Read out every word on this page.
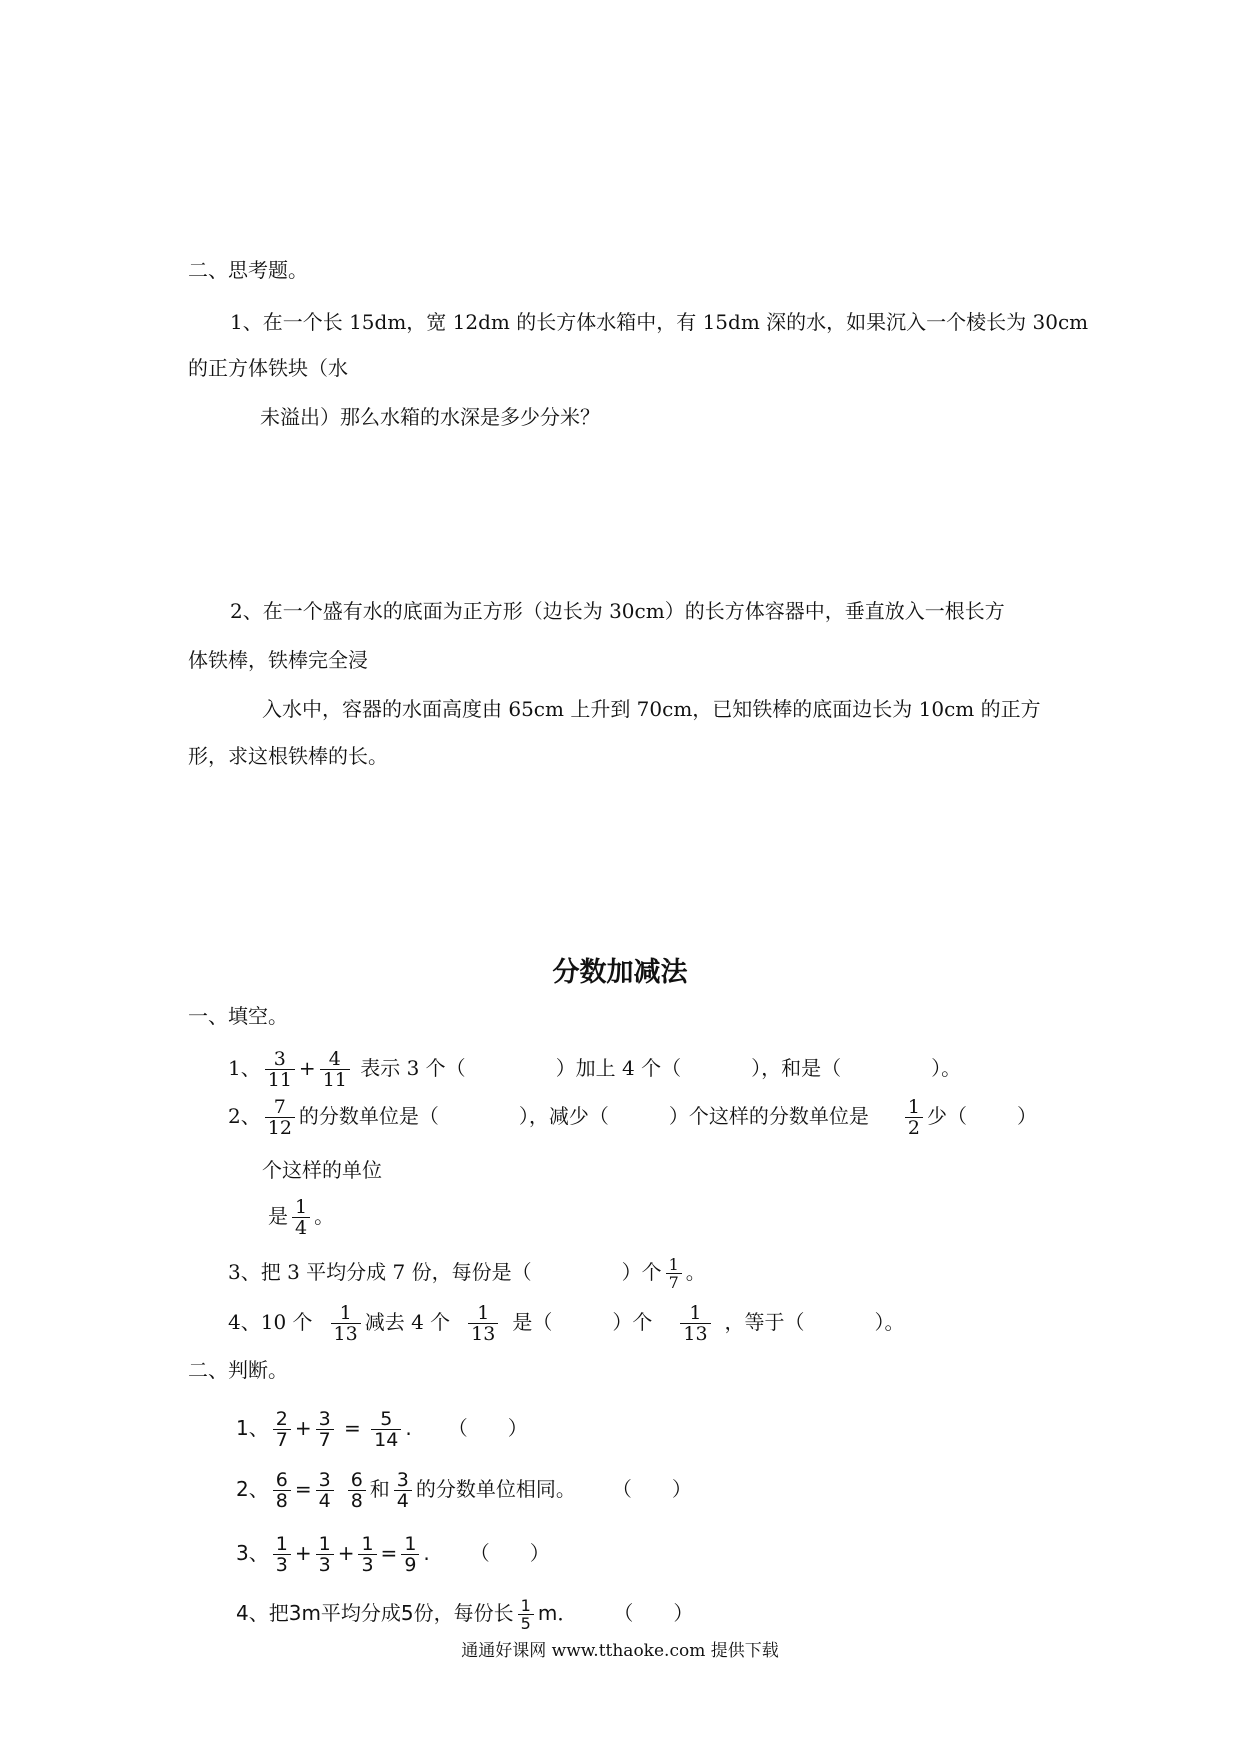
二、思考题。
1、在一个长 15dm，宽 12dm 的长方体水箱中，有 15dm 深的水，如果沉入一个棱长为 30cm
的正方体铁块（水
未溢出）那么水箱的水深是多少分米？
2、在一个盛有水的底面为正方形（边长为 30cm）的长方体容器中，垂直放入一根长方
体铁棒，铁棒完全浸
入水中，容器的水面高度由 65cm 上升到 70cm，已知铁棒的底面边长为 10cm 的正方
形，求这根铁棒的长。
分数加减法
一、填空。
1、 $\frac{3}{11} + \frac{4}{11}$ 表示 3 个（	）加上 4 个（	），和是（	）。
2、 $\frac{7}{12}$ 的分数单位是（	），减少（	）个这样的分数单位是 $\frac{1}{2}$ 少（	）
个这样的单位
是 $\frac{1}{4}$ 。
3、把 3 平均分成 7 份，每份是（	）个 $\frac{1}{7}$ 。
4、10 个 $\frac{1}{13}$ 减去 4 个 $\frac{1}{13}$ 是（	）个 $\frac{1}{13}$ ，等于（	）。
二、判断。
1、 $\frac{2}{7} + \frac{3}{7} = \frac{5}{14}$ . （　　）
2、 $\frac{6}{8} = \frac{3}{4} \frac{6}{8}$ 和 $\frac{3}{4}$ 的分数单位相同。 （　　）
3、 $\frac{1}{3} + \frac{1}{3} + \frac{1}{3} = \frac{1}{9}$ . （　　）
4、把3m平均分成5份，每份长 $\frac{1}{5}$ m． （　　）
通通好课网 www.tthaoke.com 提供下载
